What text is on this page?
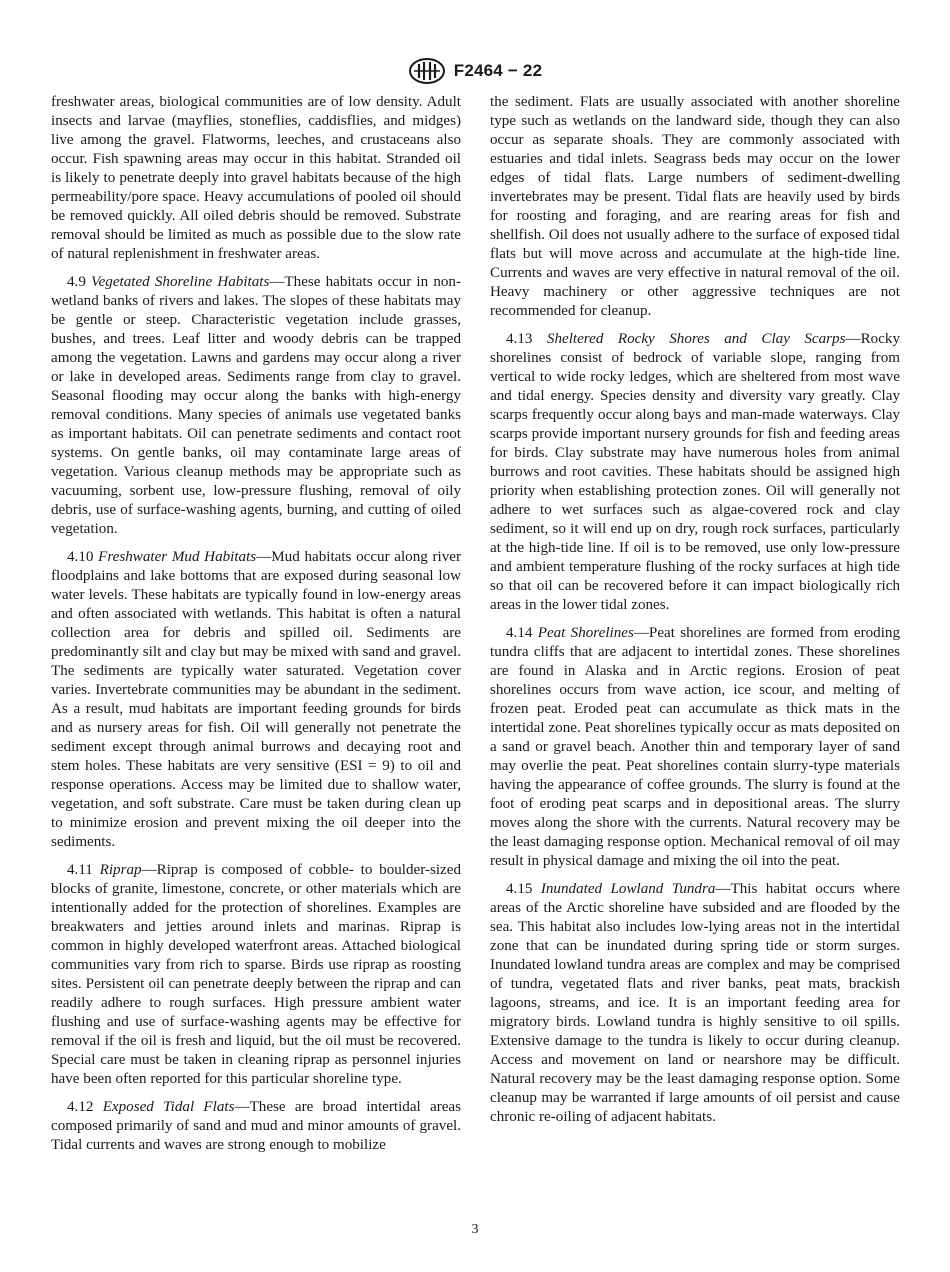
F2464 − 22

freshwater areas, biological communities are of low density. Adult insects and larvae (mayflies, stoneflies, caddisflies, and midges) live among the gravel. Flatworms, leeches, and crustaceans also occur. Fish spawning areas may occur in this habitat. Stranded oil is likely to penetrate deeply into gravel habitats because of the high permeability/pore space. Heavy accumulations of pooled oil should be removed quickly. All oiled debris should be removed. Substrate removal should be limited as much as possible due to the slow rate of natural replenishment in freshwater areas.

4.9 Vegetated Shoreline Habitats—These habitats occur in non-wetland banks of rivers and lakes. The slopes of these habitats may be gentle or steep. Characteristic vegetation include grasses, bushes, and trees. Leaf litter and woody debris can be trapped among the vegetation. Lawns and gardens may occur along a river or lake in developed areas. Sediments range from clay to gravel. Seasonal flooding may occur along the banks with high-energy removal conditions. Many species of animals use vegetated banks as important habitats. Oil can penetrate sediments and contact root systems. On gentle banks, oil may contaminate large areas of vegetation. Various cleanup methods may be appropriate such as vacuuming, sorbent use, low-pressure flushing, removal of oily debris, use of surface-washing agents, burning, and cutting of oiled vegetation.

4.10 Freshwater Mud Habitats—Mud habitats occur along river floodplains and lake bottoms that are exposed during seasonal low water levels. These habitats are typically found in low-energy areas and often associated with wetlands. This habitat is often a natural collection area for debris and spilled oil. Sediments are predominantly silt and clay but may be mixed with sand and gravel. The sediments are typically water saturated. Vegetation cover varies. Invertebrate communities may be abundant in the sediment. As a result, mud habitats are important feeding grounds for birds and as nursery areas for fish. Oil will generally not penetrate the sediment except through animal burrows and decaying root and stem holes. These habitats are very sensitive (ESI = 9) to oil and response operations. Access may be limited due to shallow water, vegetation, and soft substrate. Care must be taken during clean up to minimize erosion and prevent mixing the oil deeper into the sediments.

4.11 Riprap—Riprap is composed of cobble- to boulder-sized blocks of granite, limestone, concrete, or other materials which are intentionally added for the protection of shorelines. Examples are breakwaters and jetties around inlets and marinas. Riprap is common in highly developed waterfront areas. Attached biological communities vary from rich to sparse. Birds use riprap as roosting sites. Persistent oil can penetrate deeply between the riprap and can readily adhere to rough surfaces. High pressure ambient water flushing and use of surface-washing agents may be effective for removal if the oil is fresh and liquid, but the oil must be recovered. Special care must be taken in cleaning riprap as personnel injuries have been often reported for this particular shoreline type.

4.12 Exposed Tidal Flats—These are broad intertidal areas composed primarily of sand and mud and minor amounts of gravel. Tidal currents and waves are strong enough to mobilize

the sediment. Flats are usually associated with another shoreline type such as wetlands on the landward side, though they can also occur as separate shoals. They are commonly associated with estuaries and tidal inlets. Seagrass beds may occur on the lower edges of tidal flats. Large numbers of sediment-dwelling invertebrates may be present. Tidal flats are heavily used by birds for roosting and foraging, and are rearing areas for fish and shellfish. Oil does not usually adhere to the surface of exposed tidal flats but will move across and accumulate at the high-tide line. Currents and waves are very effective in natural removal of the oil. Heavy machinery or other aggressive techniques are not recommended for cleanup.

4.13 Sheltered Rocky Shores and Clay Scarps—Rocky shorelines consist of bedrock of variable slope, ranging from vertical to wide rocky ledges, which are sheltered from most wave and tidal energy. Species density and diversity vary greatly. Clay scarps frequently occur along bays and man-made waterways. Clay scarps provide important nursery grounds for fish and feeding areas for birds. Clay substrate may have numerous holes from animal burrows and root cavities. These habitats should be assigned high priority when establishing protection zones. Oil will generally not adhere to wet surfaces such as algae-covered rock and clay sediment, so it will end up on dry, rough rock surfaces, particularly at the high-tide line. If oil is to be removed, use only low-pressure and ambient temperature flushing of the rocky surfaces at high tide so that oil can be recovered before it can impact biologically rich areas in the lower tidal zones.

4.14 Peat Shorelines—Peat shorelines are formed from eroding tundra cliffs that are adjacent to intertidal zones. These shorelines are found in Alaska and in Arctic regions. Erosion of peat shorelines occurs from wave action, ice scour, and melting of frozen peat. Eroded peat can accumulate as thick mats in the intertidal zone. Peat shorelines typically occur as mats deposited on a sand or gravel beach. Another thin and temporary layer of sand may overlie the peat. Peat shorelines contain slurry-type materials having the appearance of coffee grounds. The slurry is found at the foot of eroding peat scarps and in depositional areas. The slurry moves along the shore with the currents. Natural recovery may be the least damaging response option. Mechanical removal of oil may result in physical damage and mixing the oil into the peat.

4.15 Inundated Lowland Tundra—This habitat occurs where areas of the Arctic shoreline have subsided and are flooded by the sea. This habitat also includes low-lying areas not in the intertidal zone that can be inundated during spring tide or storm surges. Inundated lowland tundra areas are complex and may be comprised of tundra, vegetated flats and river banks, peat mats, brackish lagoons, streams, and ice. It is an important feeding area for migratory birds. Lowland tundra is highly sensitive to oil spills. Extensive damage to the tundra is likely to occur during cleanup. Access and movement on land or nearshore may be difficult. Natural recovery may be the least damaging response option. Some cleanup may be warranted if large amounts of oil persist and cause chronic re-oiling of adjacent habitats.

3
